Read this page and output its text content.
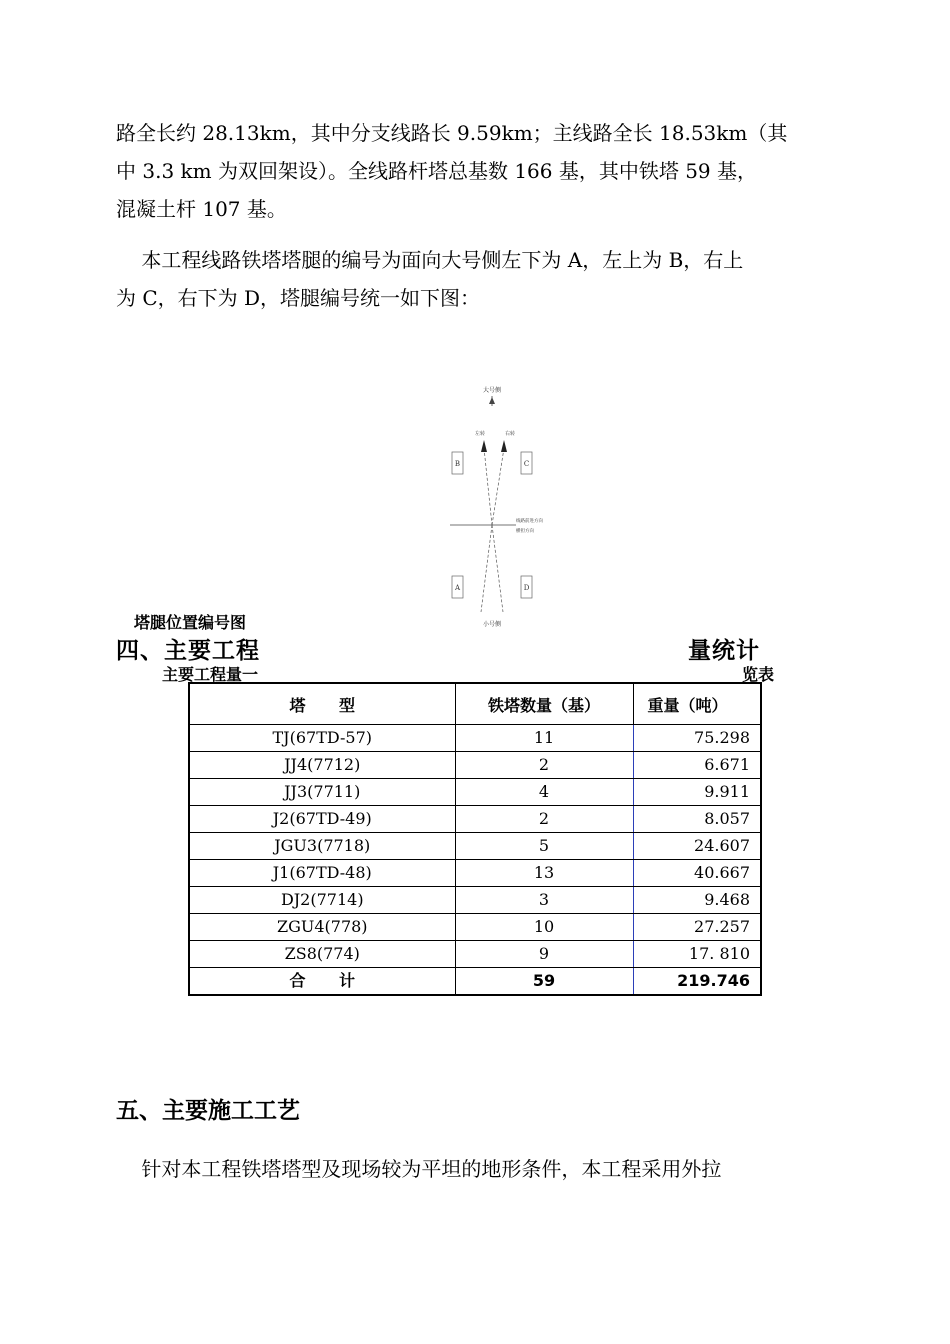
路全长约 28.13km，其中分支线路长 9.59km；主线路全长 18.53km（其
中 3.3 km 为双回架设）。全线路杆塔总基数 166 基，其中铁塔 59 基，
混凝土杆 107 基。
本工程线路铁塔塔腿的编号为面向大号侧左下为 A，左上为 B，右上
为 C，右下为 D，塔腿编号统一如下图：
大号侧
左转	右转
线路前进方向
横担方向
小号侧
B	C
A	D
塔腿位置编号图
四、主要工程	量统计
主要工程量一	览表
塔      型	铁塔数量（基）	重量（吨）
TJ(67TD-57)	11	75.298
JJ4(7712)	2	6.671
JJ3(7711)	4	9.911
J2(67TD-49)	2	8.057
JGU3(7718)	5	24.607
J1(67TD-48)	13	40.667
DJ2(7714)	3	9.468
ZGU4(778)	10	27.257
ZS8(774)	9	17. 810
合      计	59	219.746
五、主要施工工艺
针对本工程铁塔塔型及现场较为平坦的地形条件，本工程采用外拉
